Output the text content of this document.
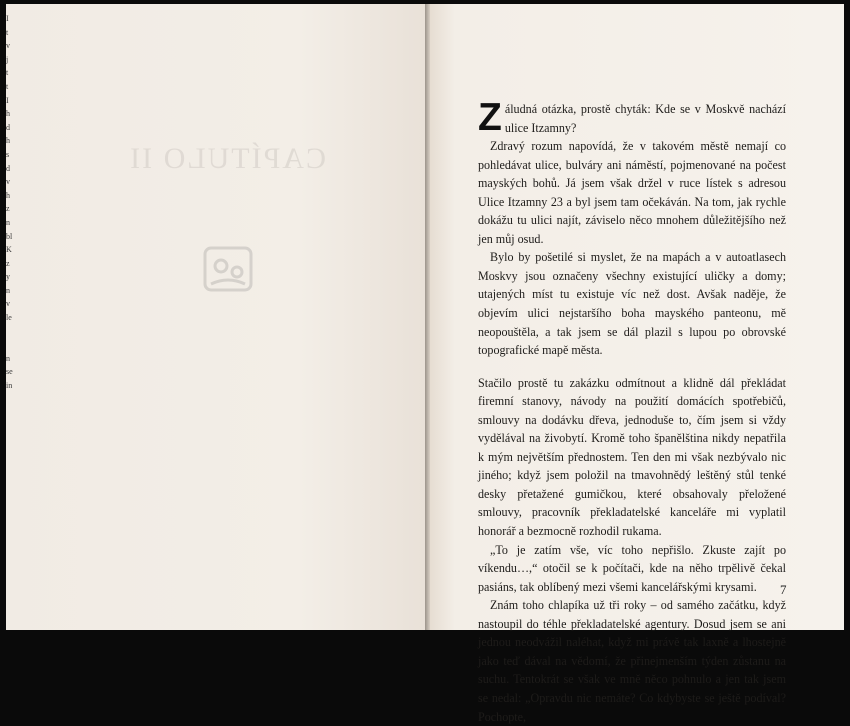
I
t
v
j
t
t
I
h
d
h
s
d
v
h
z
n
bl
K
z
y
n
v
le
n
se
in
CAPÍTULO II

Záludná otázka, prostě chyták: Kde se v Moskvě nachází ulice Itzamny?

Zdravý rozum napovídá, že v takovém městě nemají co pohledávat ulice, bulváry ani náměstí, pojmenované na počest mayských bohů. Já jsem však držel v ruce lístek s adresou Ulice Itzamny 23 a byl jsem tam očekáván. Na tom, jak rychle dokážu tu ulici najít, záviselo něco mnohem důležitějšího než jen můj osud.

Bylo by pošetilé si myslet, že na mapách a v autoatlasech Moskvy jsou označeny všechny existující uličky a domy; utajených míst tu existuje víc než dost. Avšak naděje, že objevím ulici nejstaršího boha mayského panteonu, mě neopouštěla, a tak jsem se dál plazil s lupou po obrovské topografické mapě města.

Stačilo prostě tu zakázku odmítnout a klidně dál překládat firemní stanovy, návody na použití domácích spotřebičů, smlouvy na dodávku dřeva, jednoduše to, čím jsem si vždy vydělával na živobytí. Kromě toho španělština nikdy nepatřila k mým největším přednostem. Ten den mi však nezbývalo nic jiného; když jsem položil na tmavohnědý leštěný stůl tenké desky přetažené gumičkou, které obsahovaly přeložené smlouvy, pracovník překladatelské kanceláře mi vyplatil honorář a bezmocně rozhodil rukama.

„To je zatím vše, víc toho nepřišlo. Zkuste zajít po víkendu…,“ otočil se k počítači, kde na něho trpělivě čekal pasiáns, tak oblíbený mezi všemi kancelářskými krysami.

Znám toho chlapíka už tři roky – od samého začátku, když nastoupil do téhle překladatelské agentury. Dosud jsem se ani jednou neodvážil naléhat, když mi právě tak laxně a lhostejně jako teď dával na vědomí, že přinejmenším týden zůstanu na suchu. Tentokrát se však ve mně něco pohnulo a jen tak jsem se nedal: „Opravdu nic nemáte? Co kdybyste se ještě podíval? Pochopte,

7
